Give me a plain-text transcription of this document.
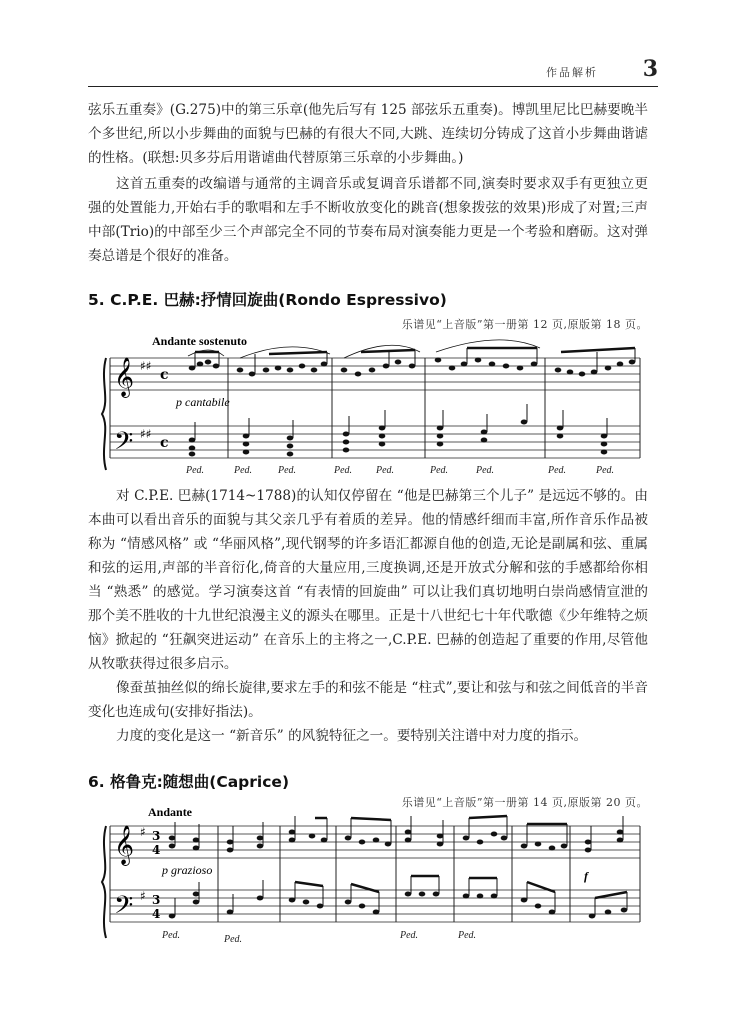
作品解析 3

弦乐五重奏》(G.275)中的第三乐章(他先后写有 125 部弦乐五重奏)。博凯里尼比巴赫要晚半个多世纪,所以小步舞曲的面貌与巴赫的有很大不同,大跳、连续切分铸成了这首小步舞曲谐谑的性格。(联想:贝多芬后用谐谑曲代替原第三乐章的小步舞曲。)

这首五重奏的改编谱与通常的主调音乐或复调音乐谱都不同,演奏时要求双手有更独立更强的处置能力,开始右手的歌唱和左手不断收放变化的跳音(想象拨弦的效果)形成了对置;三声中部(Trio)的中部至少三个声部完全不同的节奏布局对演奏能力更是一个考验和磨砺。这对弹奏总谱是个很好的准备。

5. C.P.E. 巴赫:抒情回旋曲(Rondo Espressivo)
乐谱见“上音版”第一册第 12 页,原版第 18 页。
Andante sostenuto
𝄞
𝄢
♯♯
♯♯
c
c
p cantabile
Ped.	Ped.	Ped.	Ped. Ped.	Ped.	Ped.	Ped.	Ped.

对 C.P.E. 巴赫(1714~1788)的认知仅停留在 “他是巴赫第三个儿子” 是远远不够的。由本曲可以看出音乐的面貌与其父亲几乎有着质的差异。他的情感纤细而丰富,所作音乐作品被称为 “情感风格” 或 “华丽风格”,现代钢琴的许多语汇都源自他的创造,无论是副属和弦、重属和弦的运用,声部的半音衍化,倚音的大量应用,三度换调,还是开放式分解和弦的手感都给你相当 “熟悉” 的感觉。学习演奏这首 “有表情的回旋曲” 可以让我们真切地明白崇尚感情宣泄的那个美不胜收的十九世纪浪漫主义的源头在哪里。正是十八世纪七十年代歌德《少年维特之烦恼》掀起的 “狂飙突进运动” 在音乐上的主将之一,C.P.E. 巴赫的创造起了重要的作用,尽管他从牧歌获得过很多启示。

像蚕茧抽丝似的绵长旋律,要求左手的和弦不能是 “柱式”,要让和弦与和弦之间低音的半音变化也连成句(安排好指法)。

力度的变化是这一 “新音乐” 的风貌特征之一。要特别关注谱中对力度的指示。

6. 格鲁克:随想曲(Caprice)
乐谱见“上音版”第一册第 14 页,原版第 20 页。
Andante
𝄞
𝄢
♯
♯
3
4
3
4
p grazioso	f
Ped.	Ped.	Ped.	Ped.
